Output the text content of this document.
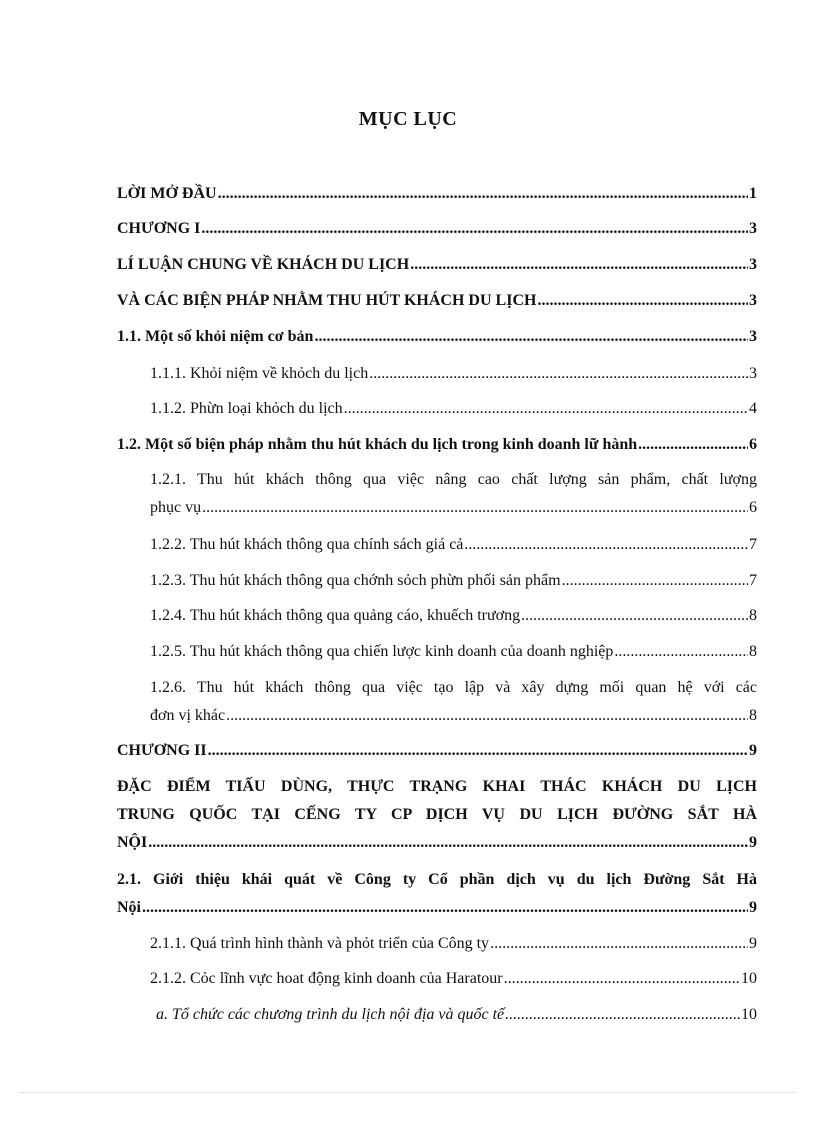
MỤC LỤC
LỜI MỞ ĐẦU .....	1
CHƯƠNG I .....	3
LÍ LUẬN CHUNG VỀ KHÁCH DU LỊCH .....	3
VÀ CÁC BIỆN PHÁP NHẰM THU HÚT KHÁCH DU LỊCH .....	3
1.1. Một số khỏi niệm cơ bản .....	3
1.1.1. Khỏi niệm về khỏch du lịch .....	3
1.1.2. Phừn loại khỏch du lịch .....	4
1.2. Một số biện pháp nhằm thu hút khách du lịch trong kinh doanh lữ hành .....	6
1.2.1. Thu hút khách thông qua việc nâng cao chất lượng sản phẩm, chất lượng
phục vụ .....	6
1.2.2. Thu hút khách thông qua chính sách giá cả .....	7
1.2.3. Thu hút khách thông qua chớnh sỏch phừn phối sản phẩm .....	7
1.2.4. Thu hút khách thông qua quảng cáo, khuếch trương .....	8
1.2.5. Thu hút khách thông qua chiến lược kinh doanh của doanh nghiệp .....	8
1.2.6. Thu hút khách thông qua việc tạo lập và xây dựng mối quan hệ với các
đơn vị khác .....	8
CHƯƠNG II .....	9
ĐẶC ĐIỂM TIẤU DÙNG, THỰC TRẠNG KHAI THÁC KHÁCH DU LỊCH
TRUNG QUỐC TẠI CẾNG TY CP DỊCH VỤ DU LỊCH ĐƯỜNG SẮT HÀ
NỘI .....	9
2.1. Giới thiệu khái quát về Công ty Cổ phần dịch vụ du lịch Đường Sắt Hà
Nội .....	9
2.1.1. Quá trình hình thành và phỏt triển của Công ty .....	9
2.1.2. Cỏc lĩnh vực hoat động kinh doanh của Haratour .....	10
a. Tổ chức các chương trình du lịch nội địa và quốc tế .....	10
